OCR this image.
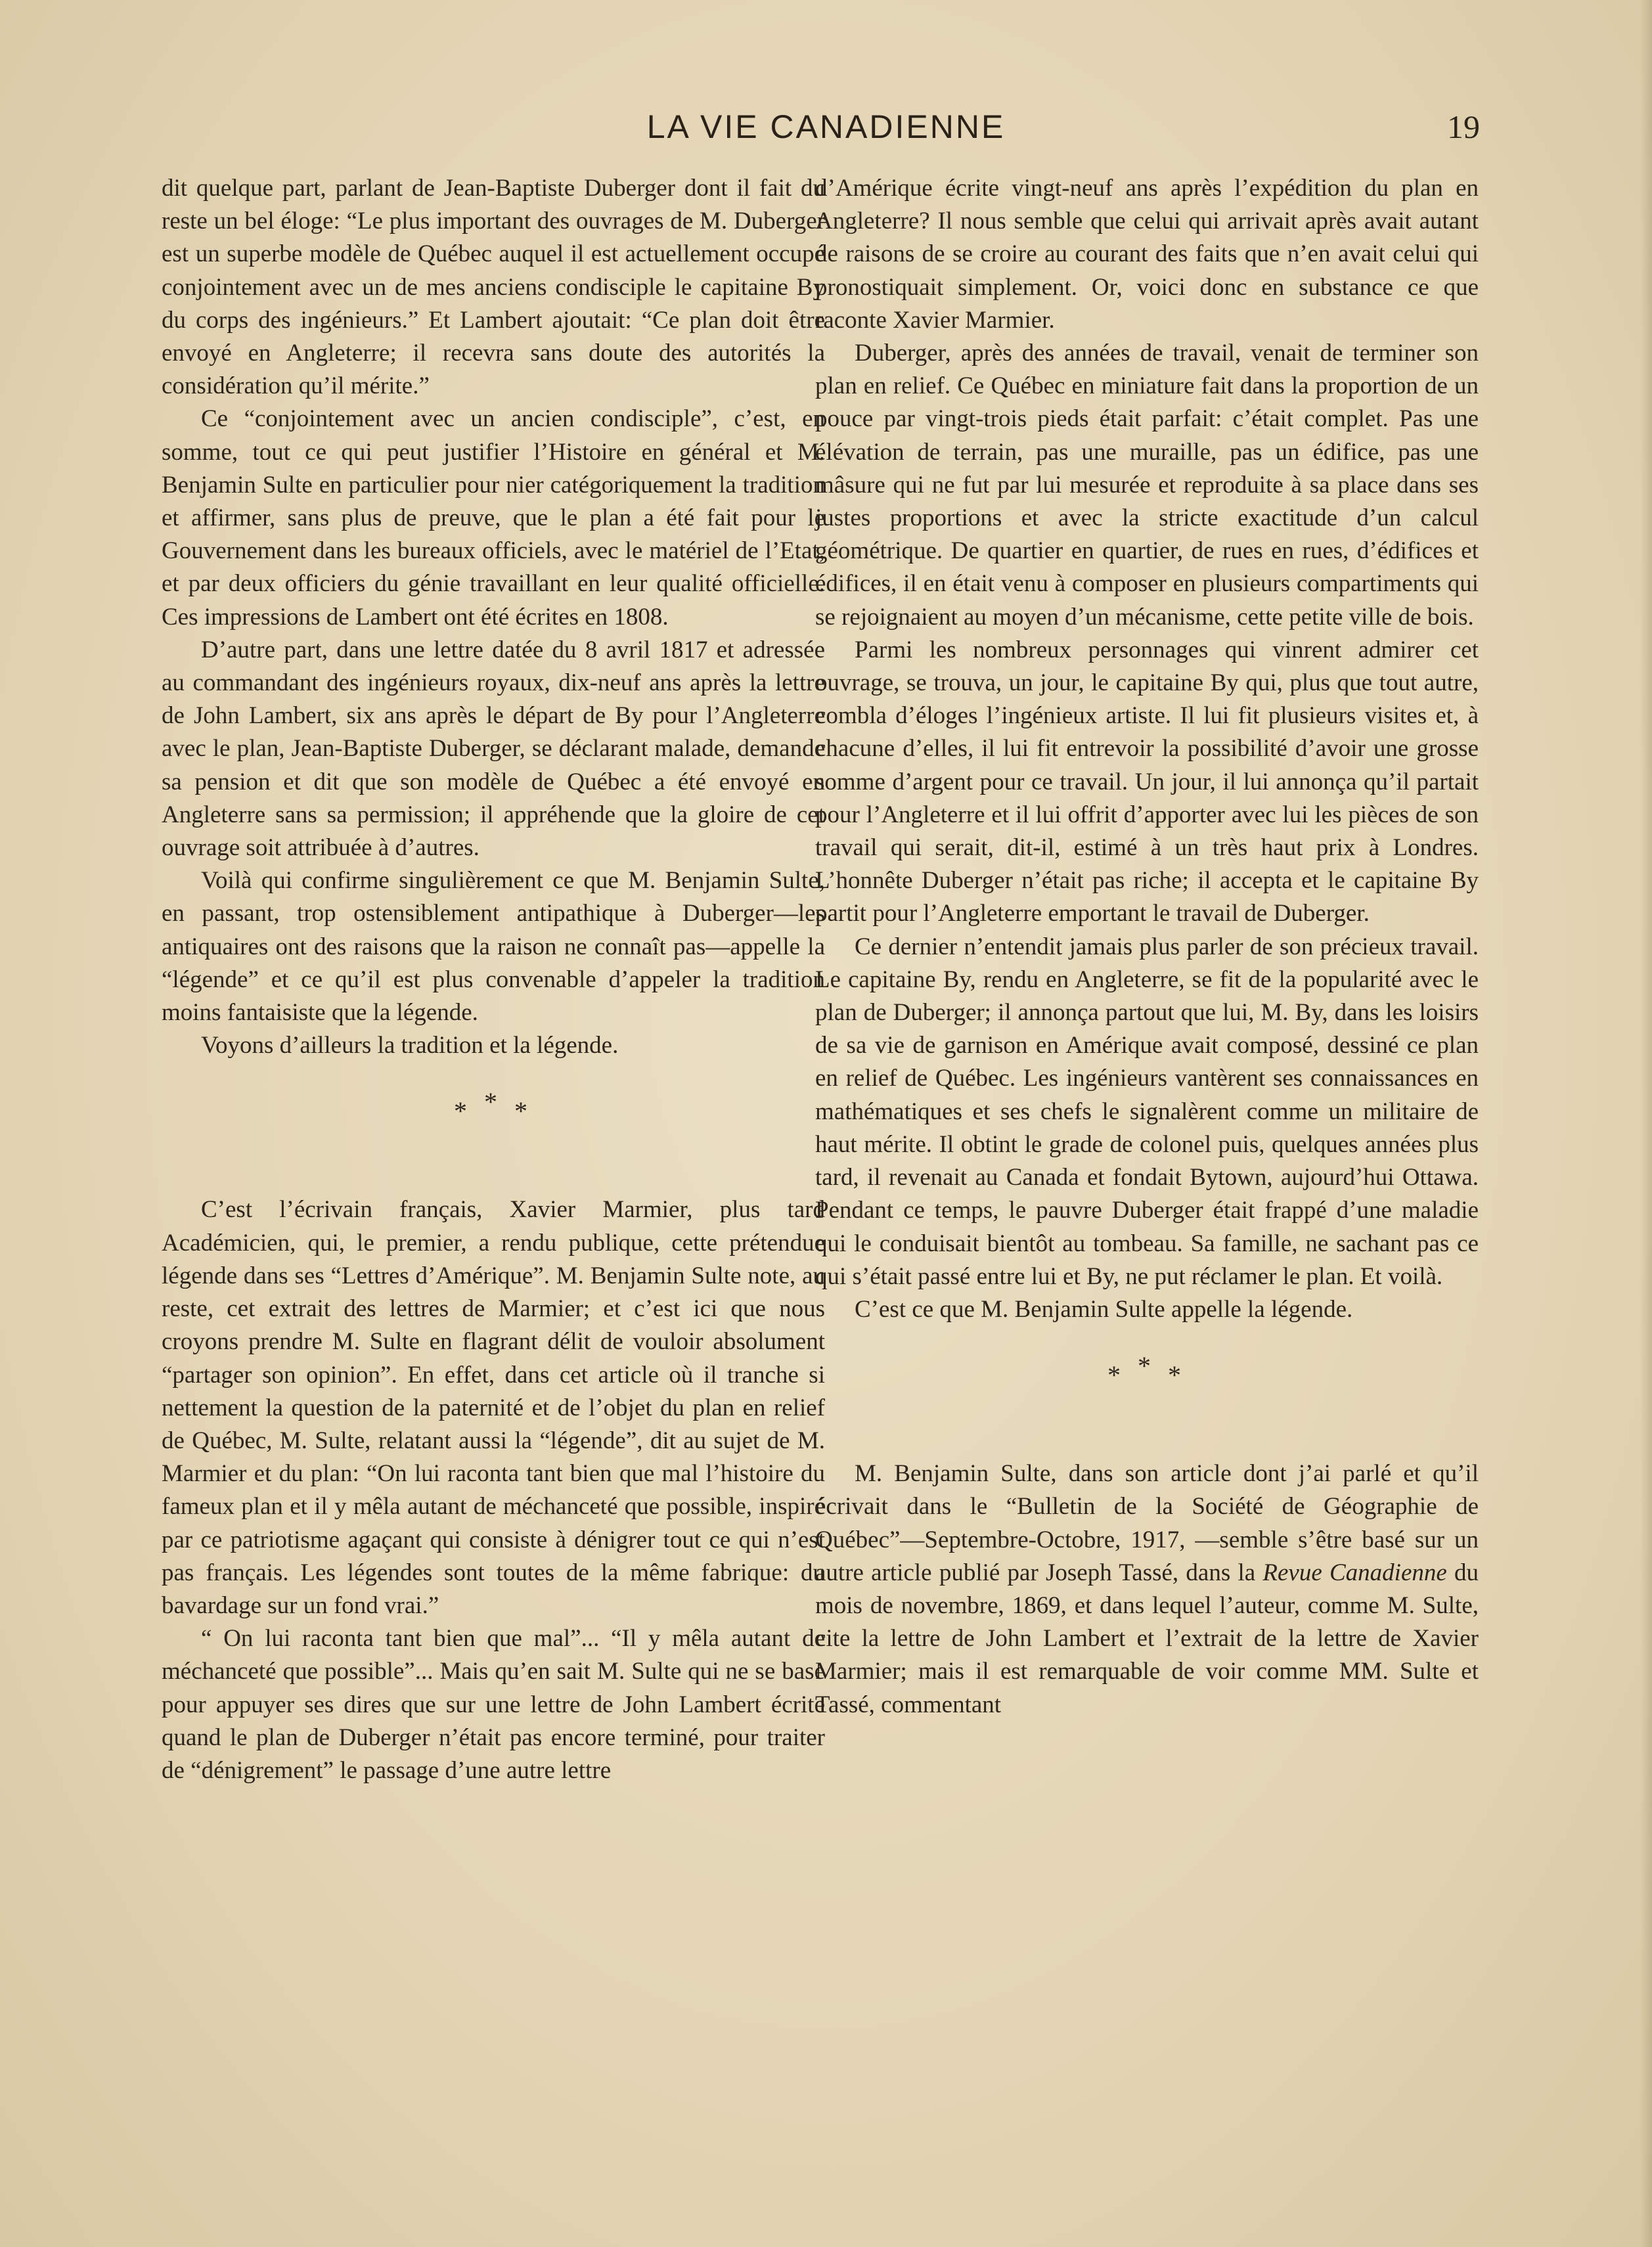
LA VIE CANADIENNE	19

dit quelque part, parlant de Jean-Baptiste Duberger dont il fait du reste un bel éloge: “Le plus important des ouvrages de M. Duberger est un superbe modèle de Québec auquel il est actuellement occupé conjointement avec un de mes anciens condisciple le capitaine By du corps des ingénieurs.” Et Lambert ajoutait: “Ce plan doit être envoyé en Angleterre; il recevra sans doute des autorités la considération qu’il mérite.”

Ce “conjointement avec un ancien condisciple”, c’est, en somme, tout ce qui peut justifier l’Histoire en général et M. Benjamin Sulte en particulier pour nier catégoriquement la tradition et affirmer, sans plus de preuve, que le plan a été fait pour le Gouvernement dans les bureaux officiels, avec le matériel de l’Etat, et par deux officiers du génie travaillant en leur qualité officielle. Ces impressions de Lambert ont été écrites en 1808.

D’autre part, dans une lettre datée du 8 avril 1817 et adressée au commandant des ingénieurs royaux, dix-neuf ans après la lettre de John Lambert, six ans après le départ de By pour l’Angleterre avec le plan, Jean-Baptiste Duberger, se déclarant malade, demande sa pension et dit que son modèle de Québec a été envoyé en Angleterre sans sa permission; il appréhende que la gloire de cet ouvrage soit attribuée à d’autres.

Voilà qui confirme singulièrement ce que M. Benjamin Sulte, en passant, trop ostensiblement antipathique à Duberger—les antiquaires ont des raisons que la raison ne connaît pas—appelle la “légende” et ce qu’il est plus convenable d’appeler la tradition moins fantaisiste que la légende.

Voyons d’ailleurs la tradition et la légende.

* * *

C’est l’écrivain français, Xavier Marmier, plus tard Académicien, qui, le premier, a rendu publique, cette prétendue légende dans ses “Lettres d’Amérique”. M. Benjamin Sulte note, au reste, cet extrait des lettres de Marmier; et c’est ici que nous croyons prendre M. Sulte en flagrant délit de vouloir absolument “partager son opinion”. En effet, dans cet article où il tranche si nettement la question de la paternité et de l’objet du plan en relief de Québec, M. Sulte, relatant aussi la “légende”, dit au sujet de M. Marmier et du plan: “On lui raconta tant bien que mal l’histoire du fameux plan et il y mêla autant de méchanceté que possible, inspiré par ce patriotisme agaçant qui consiste à dénigrer tout ce qui n’est pas français. Les légendes sont toutes de la même fabrique: du bavardage sur un fond vrai.”

“ On lui raconta tant bien que mal”... “Il y mêla autant de méchanceté que possible”... Mais qu’en sait M. Sulte qui ne se base pour appuyer ses dires que sur une lettre de John Lambert écrite quand le plan de Duberger n’était pas encore terminé, pour traiter de “dénigrement” le passage d’une autre lettre

d’Amérique écrite vingt-neuf ans après l’expédition du plan en Angleterre? Il nous semble que celui qui arrivait après avait autant de raisons de se croire au courant des faits que n’en avait celui qui pronostiquait simplement. Or, voici donc en substance ce que raconte Xavier Marmier.

Duberger, après des années de travail, venait de terminer son plan en relief. Ce Québec en miniature fait dans la proportion de un pouce par vingt-trois pieds était parfait: c’était complet. Pas une élévation de terrain, pas une muraille, pas un édifice, pas une mâsure qui ne fut par lui mesurée et reproduite à sa place dans ses justes proportions et avec la stricte exactitude d’un calcul géométrique. De quartier en quartier, de rues en rues, d’édifices et édifices, il en était venu à composer en plusieurs compartiments qui se rejoignaient au moyen d’un mécanisme, cette petite ville de bois.

Parmi les nombreux personnages qui vinrent admirer cet ouvrage, se trouva, un jour, le capitaine By qui, plus que tout autre, combla d’éloges l’ingénieux artiste. Il lui fit plusieurs visites et, à chacune d’elles, il lui fit entrevoir la possibilité d’avoir une grosse somme d’argent pour ce travail. Un jour, il lui annonça qu’il partait pour l’Angleterre et il lui offrit d’apporter avec lui les pièces de son travail qui serait, dit-il, estimé à un très haut prix à Londres. L’honnête Duberger n’était pas riche; il accepta et le capitaine By partit pour l’Angleterre emportant le travail de Duberger.

Ce dernier n’entendit jamais plus parler de son précieux travail. Le capitaine By, rendu en Angleterre, se fit de la popularité avec le plan de Duberger; il annonça partout que lui, M. By, dans les loisirs de sa vie de garnison en Amérique avait composé, dessiné ce plan en relief de Québec. Les ingénieurs vantèrent ses connaissances en mathématiques et ses chefs le signalèrent comme un militaire de haut mérite. Il obtint le grade de colonel puis, quelques années plus tard, il revenait au Canada et fondait Bytown, aujourd’hui Ottawa. Pendant ce temps, le pauvre Duberger était frappé d’une maladie qui le conduisait bientôt au tombeau. Sa famille, ne sachant pas ce qui s’était passé entre lui et By, ne put réclamer le plan. Et voilà.

C’est ce que M. Benjamin Sulte appelle la légende.

* * *

M. Benjamin Sulte, dans son article dont j’ai parlé et qu’il écrivait dans le “Bulletin de la Société de Géographie de Québec”—Septembre-Octobre, 1917, —semble s’être basé sur un autre article publié par Joseph Tassé, dans la Revue Canadienne du mois de novembre, 1869, et dans lequel l’auteur, comme M. Sulte, cite la lettre de John Lambert et l’extrait de la lettre de Xavier Marmier; mais il est remarquable de voir comme MM. Sulte et Tassé, commentant
